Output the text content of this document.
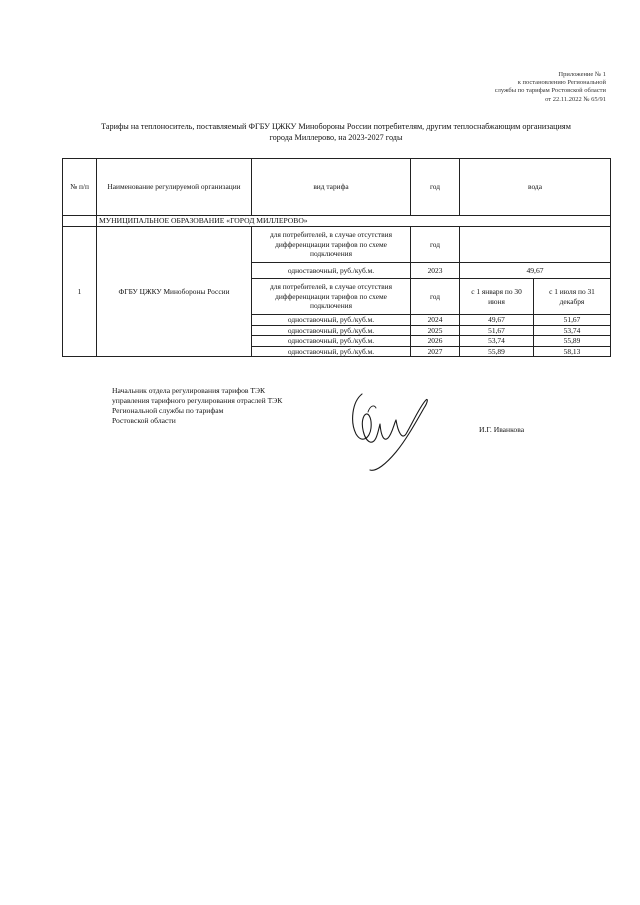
Приложение № 1
к постановлению Региональной
службы по тарифам Ростовской области
от 22.11.2022 № 65/91
Тарифы на теплоноситель, поставляемый ФГБУ ЦЖКУ Минобороны России потребителям, другим теплоснабжающим организациям
города Миллерово, на 2023-2027 годы
№ п/п	Наименование регулируемой организации	вид тарифа	год	вода	
	МУНИЦИПАЛЬНОЕ ОБРАЗОВАНИЕ «ГОРОД МИЛЛЕРОВО»				
1	ФГБУ ЦЖКУ Минобороны России	для потребителей, в случае отсутствия дифференциации тарифов по схеме подключения	год		
		одноставочный, руб./куб.м.	2023	49,67	
		для потребителей, в случае отсутствия дифференциации тарифов по схеме подключения	год	с 1 января по 30 июня	с 1 июля по 31 декабря
		одноставочный, руб./куб.м.	2024	49,67	51,67
		одноставочный, руб./куб.м.	2025	51,67	53,74
		одноставочный, руб./куб.м.	2026	53,74	55,89
		одноставочный, руб./куб.м.	2027	55,89	58,13
Начальник отдела регулирования тарифов ТЭК
управления тарифного регулирования отраслей ТЭК
Региональной службы по тарифам
Ростовской области
И.Г. Иванкова
